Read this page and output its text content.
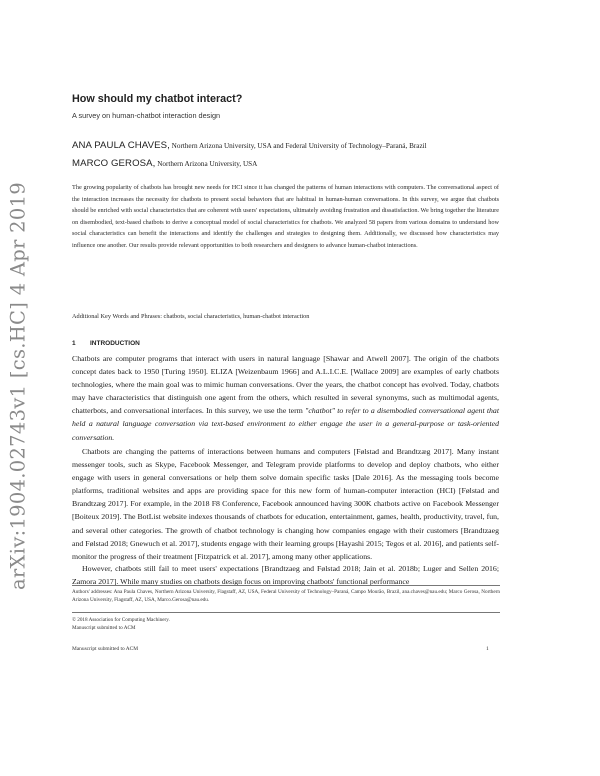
arXiv:1904.02743v1 [cs.HC] 4 Apr 2019
How should my chatbot interact?
A survey on human-chatbot interaction design
ANA PAULA CHAVES, Northern Arizona University, USA and Federal University of Technology–Paraná, Brazil
MARCO GEROSA, Northern Arizona University, USA

The growing popularity of chatbots has brought new needs for HCI since it has changed the patterns of human interactions with computers. The conversational aspect of the interaction increases the necessity for chatbots to present social behaviors that are habitual in human-human conversations. In this survey, we argue that chatbots should be enriched with social characteristics that are coherent with users' expectations, ultimately avoiding frustration and dissatisfaction. We bring together the literature on disembodied, text-based chatbots to derive a conceptual model of social characteristics for chatbots. We analyzed 58 papers from various domains to understand how social characteristics can benefit the interactions and identify the challenges and strategies to designing them. Additionally, we discussed how characteristics may influence one another. Our results provide relevant opportunities to both researchers and designers to advance human-chatbot interactions.

Additional Key Words and Phrases: chatbots, social characteristics, human-chatbot interaction

1 INTRODUCTION

Chatbots are computer programs that interact with users in natural language [Shawar and Atwell 2007]. The origin of the chatbots concept dates back to 1950 [Turing 1950]. ELIZA [Weizenbaum 1966] and A.L.I.C.E. [Wallace 2009] are examples of early chatbots technologies, where the main goal was to mimic human conversations. Over the years, the chatbot concept has evolved. Today, chatbots may have characteristics that distinguish one agent from the others, which resulted in several synonyms, such as multimodal agents, chatterbots, and conversational interfaces. In this survey, we use the term "chatbot" to refer to a disembodied conversational agent that held a natural language conversation via text-based environment to either engage the user in a general-purpose or task-oriented conversation.

Chatbots are changing the patterns of interactions between humans and computers [Følstad and Brandtzæg 2017]. Many instant messenger tools, such as Skype, Facebook Messenger, and Telegram provide platforms to develop and deploy chatbots, who either engage with users in general conversations or help them solve domain specific tasks [Dale 2016]. As the messaging tools become platforms, traditional websites and apps are providing space for this new form of human-computer interaction (HCI) [Følstad and Brandtzæg 2017]. For example, in the 2018 F8 Conference, Facebook announced having 300K chatbots active on Facebook Messenger [Boiteux 2019]. The BotList website indexes thousands of chatbots for education, entertainment, games, health, productivity, travel, fun, and several other categories. The growth of chatbot technology is changing how companies engage with their customers [Brandtzaeg and Følstad 2018; Gnewuch et al. 2017], students engage with their learning groups [Hayashi 2015; Tegos et al. 2016], and patients self-monitor the progress of their treatment [Fitzpatrick et al. 2017], among many other applications.

However, chatbots still fail to meet users' expectations [Brandtzaeg and Følstad 2018; Jain et al. 2018b; Luger and Sellen 2016; Zamora 2017]. While many studies on chatbots design focus on improving chatbots' functional performance

Authors' addresses: Ana Paula Chaves, Northern Arizona University, Flagstaff, AZ, USA, Federal University of Technology–Paraná, Campo Mourão, Brazil, ana.chaves@nau.edu; Marco Gerosa, Northern Arizona University, Flagstaff, AZ, USA, Marco.Gerosa@nau.edu.

© 2018 Association for Computing Machinery.
Manuscript submitted to ACM
Manuscript submitted to ACM	1
